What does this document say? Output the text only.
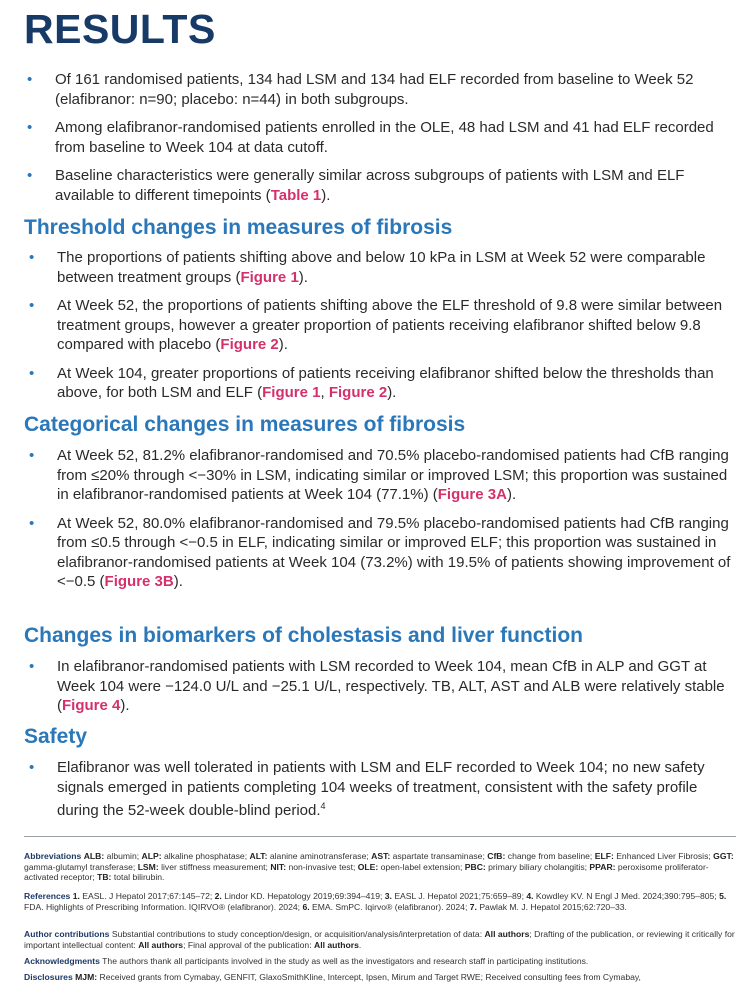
RESULTS
• Of 161 randomised patients, 134 had LSM and 134 had ELF recorded from baseline to Week 52 (elafibranor: n=90; placebo: n=44) in both subgroups.
• Among elafibranor-randomised patients enrolled in the OLE, 48 had LSM and 41 had ELF recorded from baseline to Week 104 at data cutoff.
• Baseline characteristics were generally similar across subgroups of patients with LSM and ELF available to different timepoints (Table 1).
Threshold changes in measures of fibrosis
• The proportions of patients shifting above and below 10 kPa in LSM at Week 52 were comparable between treatment groups (Figure 1).
• At Week 52, the proportions of patients shifting above the ELF threshold of 9.8 were similar between treatment groups, however a greater proportion of patients receiving elafibranor shifted below 9.8 compared with placebo (Figure 2).
• At Week 104, greater proportions of patients receiving elafibranor shifted below the thresholds than above, for both LSM and ELF (Figure 1, Figure 2).
Categorical changes in measures of fibrosis
• At Week 52, 81.2% elafibranor-randomised and 70.5% placebo-randomised patients had CfB ranging from ≤20% through <−30% in LSM, indicating similar or improved LSM; this proportion was sustained in elafibranor-randomised patients at Week 104 (77.1%) (Figure 3A).
• At Week 52, 80.0% elafibranor-randomised and 79.5% placebo-randomised patients had CfB ranging from ≤0.5 through <−0.5 in ELF, indicating similar or improved ELF; this proportion was sustained in elafibranor-randomised patients at Week 104 (73.2%) with 19.5% of patients showing improvement of <−0.5 (Figure 3B).
Changes in biomarkers of cholestasis and liver function
• In elafibranor-randomised patients with LSM recorded to Week 104, mean CfB in ALP and GGT at Week 104 were −124.0 U/L and −25.1 U/L, respectively. TB, ALT, AST and ALB were relatively stable (Figure 4).
Safety
• Elafibranor was well tolerated in patients with LSM and ELF recorded to Week 104; no new safety signals emerged in patients completing 104 weeks of treatment, consistent with the safety profile during the 52-week double-blind period.$^4$
Abbreviations ALB: albumin; ALP: alkaline phosphatase; ALT: alanine aminotransferase; AST: aspartate transaminase; CfB: change from baseline; ELF: Enhanced Liver Fibrosis; GGT: gamma-glutamyl transferase; LSM: liver stiffness measurement; NIT: non-invasive test; OLE: open-label extension; PBC: primary biliary cholangitis; PPAR: peroxisome proliferator-activated receptor; TB: total bilirubin.
References 1. EASL. J Hepatol 2017;67:145–72; 2. Lindor KD. Hepatology 2019;69:394–419; 3. EASL J. Hepatol 2021;75:659–89; 4. Kowdley KV. N Engl J Med. 2024;390:795–805; 5. FDA. Highlights of Prescribing Information. IQIRVO® (elafibranor). 2024; 6. EMA. SmPC. Iqirvo® (elafibranor). 2024; 7. Pawlak M. J. Hepatol 2015;62:720–33.
Author contributions Substantial contributions to study conception/design, or acquisition/analysis/interpretation of data: All authors; Drafting of the publication, or reviewing it critically for important intellectual content: All authors; Final approval of the publication: All authors.
Acknowledgments The authors thank all participants involved in the study as well as the investigators and research staff in participating institutions.
Disclosures MJM: Received grants from Cymabay, GENFIT, GlaxoSmithKline, Intercept, Ipsen, Mirum and Target RWE; Received consulting fees from Cymabay,
